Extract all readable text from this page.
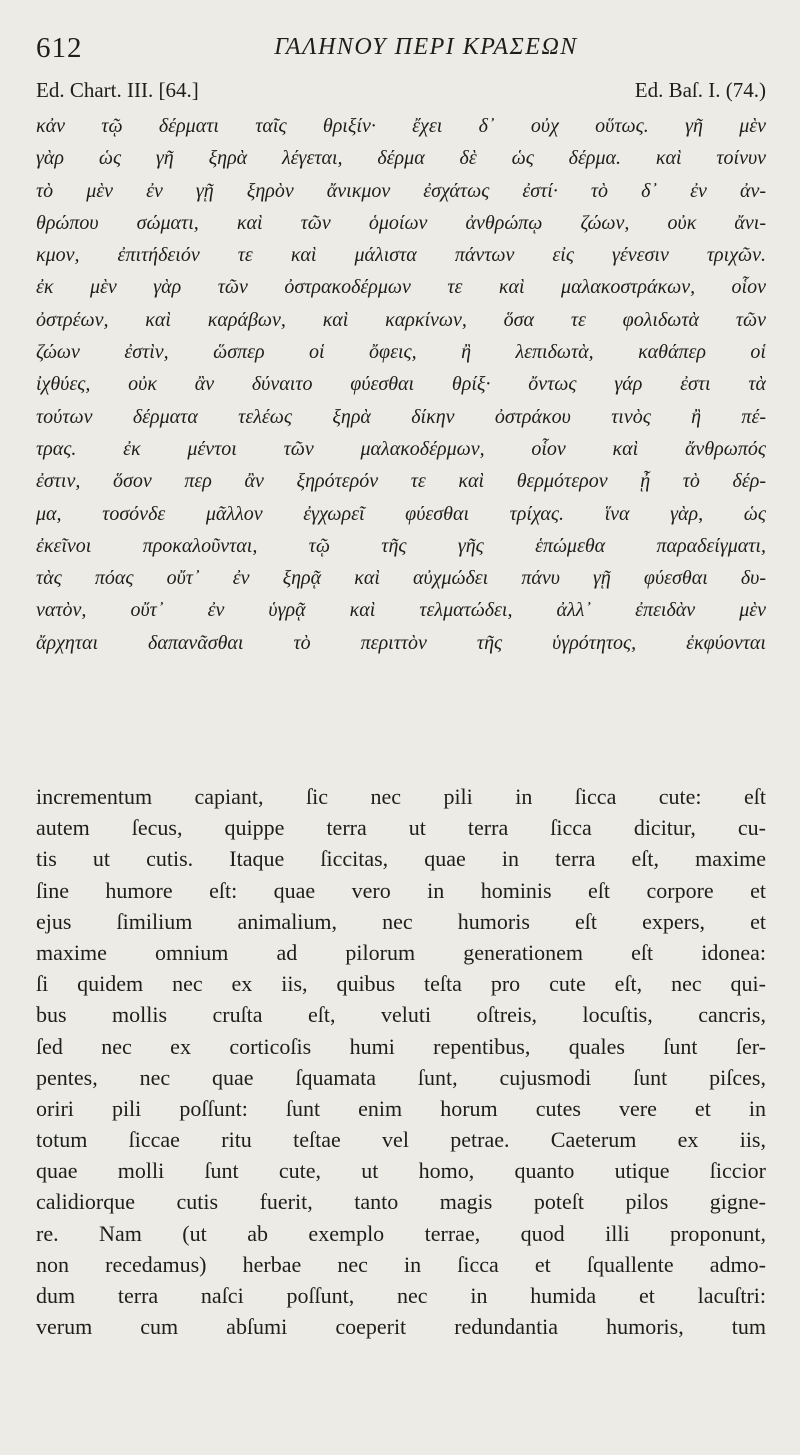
612	ΓΑΛΗΝΟΥ ΠΕΡΙ ΚΡΑΣΕΩΝ
Ed. Chart. III. [64.]	Ed. Baſ. I. (74.)
κἀν τῷ δέρματι ταῖς θριξίν· ἔχει δ᾽ οὐχ οὕτως. γῆ μὲν
γὰρ ὡς γῆ ξηρὰ λέγεται, δέρμα δὲ ὡς δέρμα. καὶ τοίνυν
τὸ μὲν ἐν γῇ ξηρὸν ἄνικμον ἐσχάτως ἐστί· τὸ δ᾽ ἐν ἀν-
θρώπου σώματι, καὶ τῶν ὁμοίων ἀνθρώπῳ ζώων, οὐκ ἄνι-
κμον, ἐπιτήδειόν τε καὶ μάλιστα πάντων εἰς γένεσιν τριχῶν.
ἐκ μὲν γὰρ τῶν ὀστρακοδέρμων τε καὶ μαλακοστράκων, οἷον
ὀστρέων, καὶ καράβων, καὶ καρκίνων, ὅσα τε φολιδωτὰ τῶν
ζώων ἐστὶν, ὥσπερ οἱ ὄφεις, ἢ λεπιδωτὰ, καθάπερ οἱ
ἰχθύες, οὐκ ἂν δύναιτο φύεσθαι θρίξ· ὄντως γάρ ἐστι τὰ
τούτων δέρματα τελέως ξηρὰ δίκην ὀστράκου τινὸς ἢ πέ-
τρας. ἐκ μέντοι τῶν μαλακοδέρμων, οἷον καὶ ἄνθρωπός
ἐστιν, ὅσον περ ἂν ξηρότερόν τε καὶ θερμότερον ᾖ τὸ δέρ-
μα, τοσόνδε μᾶλλον ἐγχωρεῖ φύεσθαι τρίχας. ἵνα γὰρ, ὡς
ἐκεῖνοι προκαλοῦνται, τῷ τῆς γῆς ἑπώμεθα παραδείγματι,
τὰς πόας οὔτ᾽ ἐν ξηρᾷ καὶ αὐχμώδει πάνυ γῇ φύεσθαι δυ-
νατὸν, οὔτ᾽ ἐν ὑγρᾷ καὶ τελματώδει, ἀλλ᾽ ἐπειδὰν μὲν
ἄρχηται δαπανᾶσθαι τὸ περιττὸν τῆς ὑγρότητος, ἐκφύονται
incrementum capiant, ſic nec pili in ſicca cute: eſt
autem ſecus, quippe terra ut terra ſicca dicitur, cu-
tis ut cutis. Itaque ſiccitas, quae in terra eſt, maxime
ſine humore eſt: quae vero in hominis eſt corpore et
ejus ſimilium animalium, nec humoris eſt expers, et
maxime omnium ad pilorum generationem eſt idonea:
ſi quidem nec ex iis, quibus teſta pro cute eſt, nec qui-
bus mollis cruſta eſt, veluti oſtreis, locuſtis, cancris,
ſed nec ex corticoſis humi repentibus, quales ſunt ſer-
pentes, nec quae ſquamata ſunt, cujusmodi ſunt piſces,
oriri pili poſſunt: ſunt enim horum cutes vere et in
totum ſiccae ritu teſtae vel petrae. Caeterum ex iis,
quae molli ſunt cute, ut homo, quanto utique ſiccior
calidiorque cutis fuerit, tanto magis poteſt pilos gigne-
re. Nam (ut ab exemplo terrae, quod illi proponunt,
non recedamus) herbae nec in ſicca et ſquallente admo-
dum terra naſci poſſunt, nec in humida et lacuſtri:
verum cum abſumi coeperit redundantia humoris, tum
